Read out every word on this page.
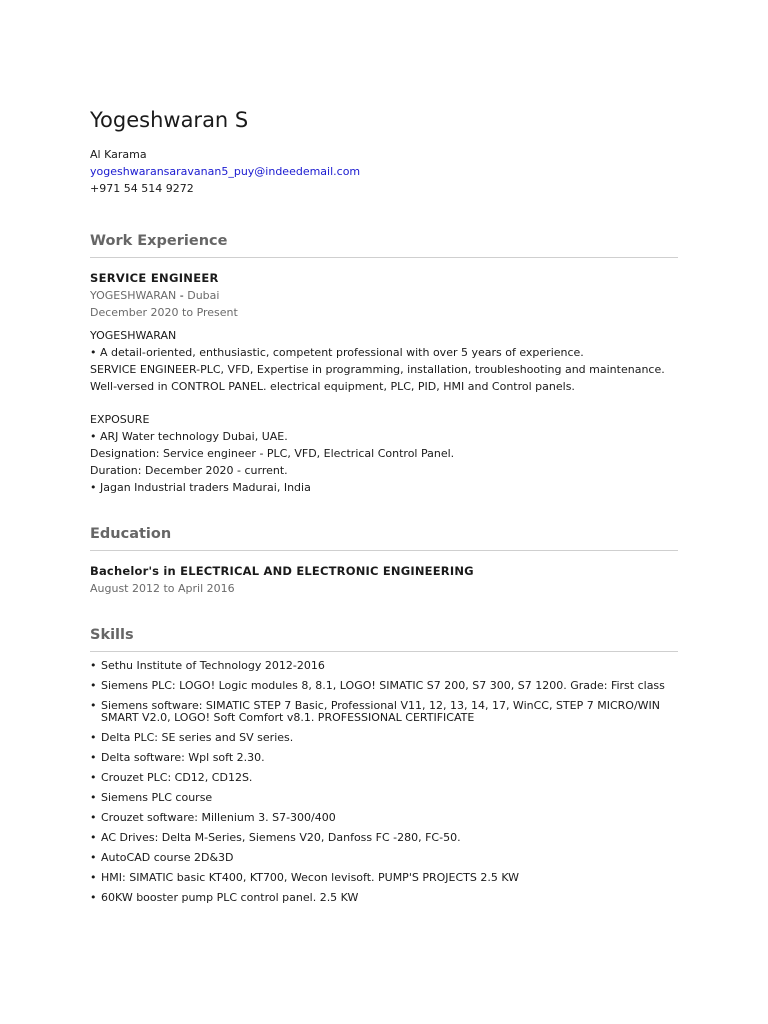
Yogeshwaran S
Al Karama
yogeshwaransaravanan5_puy@indeedemail.com
+971 54 514 9272
Work Experience
SERVICE ENGINEER
YOGESHWARAN - Dubai
December 2020 to Present
YOGESHWARAN
• A detail-oriented, enthusiastic, competent professional with over 5 years of experience.
SERVICE ENGINEER-PLC, VFD, Expertise in programming, installation, troubleshooting and maintenance.
Well-versed in CONTROL PANEL. electrical equipment, PLC, PID, HMI and Control panels.
EXPOSURE
• ARJ Water technology Dubai, UAE.
Designation: Service engineer - PLC, VFD, Electrical Control Panel.
Duration: December 2020 - current.
• Jagan Industrial traders Madurai, India
Education
Bachelor's in ELECTRICAL AND ELECTRONIC ENGINEERING
August 2012 to April 2016
Skills
• Sethu Institute of Technology 2012-2016
• Siemens PLC: LOGO! Logic modules 8, 8.1, LOGO! SIMATIC S7 200, S7 300, S7 1200. Grade: First class
• Siemens software: SIMATIC STEP 7 Basic, Professional V11, 12, 13, 14, 17, WinCC, STEP 7 MICRO/WIN SMART V2.0, LOGO! Soft Comfort v8.1. PROFESSIONAL CERTIFICATE
• Delta PLC: SE series and SV series.
• Delta software: Wpl soft 2.30.
• Crouzet PLC: CD12, CD12S.
• Siemens PLC course
• Crouzet software: Millenium 3. S7-300/400
• AC Drives: Delta M-Series, Siemens V20, Danfoss FC -280, FC-50.
• AutoCAD course 2D&3D
• HMI: SIMATIC basic KT400, KT700, Wecon levisoft. PUMP'S PROJECTS 2.5 KW
• 60KW booster pump PLC control panel. 2.5 KW
